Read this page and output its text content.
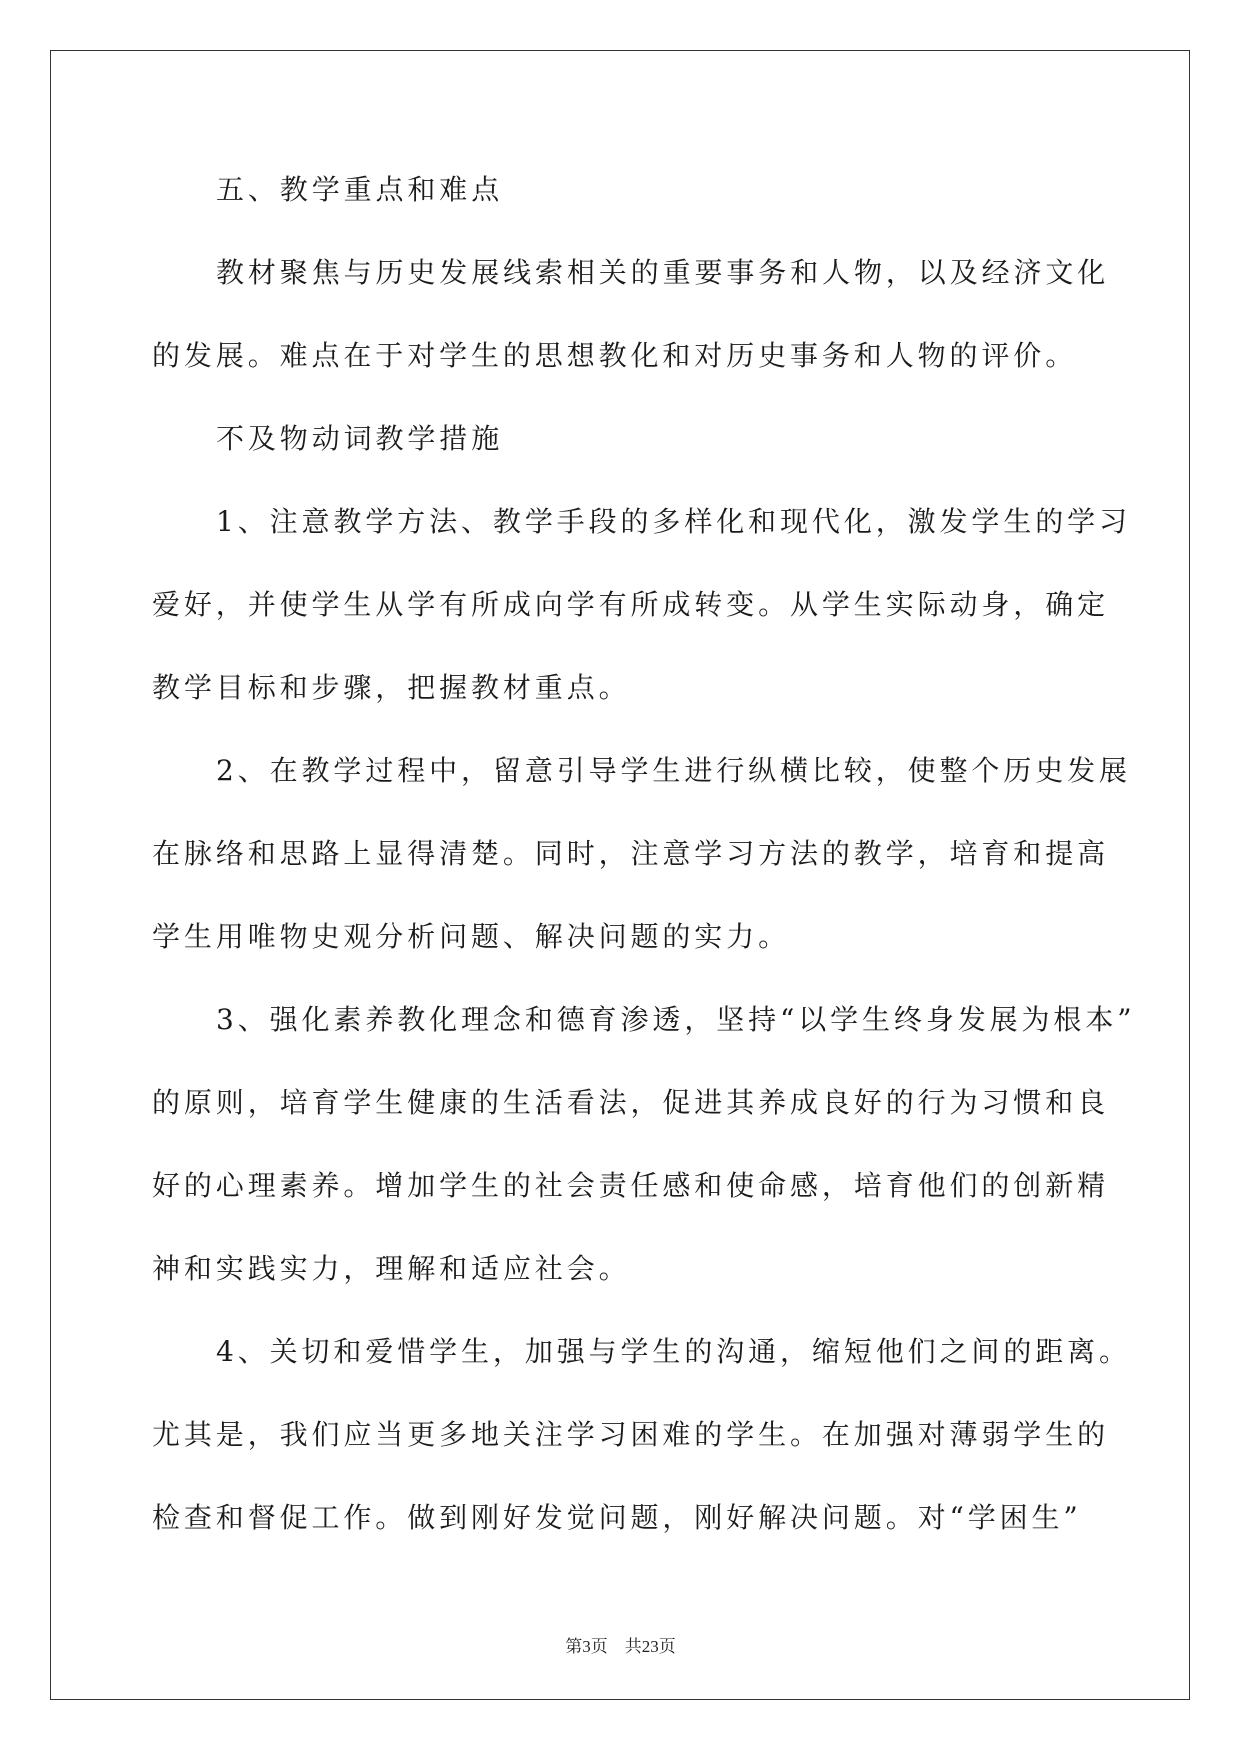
五、教学重点和难点
教材聚焦与历史发展线索相关的重要事务和人物，以及经济文化
的发展。难点在于对学生的思想教化和对历史事务和人物的评价。
不及物动词教学措施
1、注意教学方法、教学手段的多样化和现代化，激发学生的学习
爱好，并使学生从学有所成向学有所成转变。从学生实际动身，确定
教学目标和步骤，把握教材重点。
2、在教学过程中，留意引导学生进行纵横比较，使整个历史发展
在脉络和思路上显得清楚。同时，注意学习方法的教学，培育和提高
学生用唯物史观分析问题、解决问题的实力。
3、强化素养教化理念和德育渗透，坚持“以学生终身发展为根本”
的原则，培育学生健康的生活看法，促进其养成良好的行为习惯和良
好的心理素养。增加学生的社会责任感和使命感，培育他们的创新精
神和实践实力，理解和适应社会。
4、关切和爱惜学生，加强与学生的沟通，缩短他们之间的距离。
尤其是，我们应当更多地关注学习困难的学生。在加强对薄弱学生的
检查和督促工作。做到刚好发觉问题，刚好解决问题。对“学困生”
第3页    共23页
